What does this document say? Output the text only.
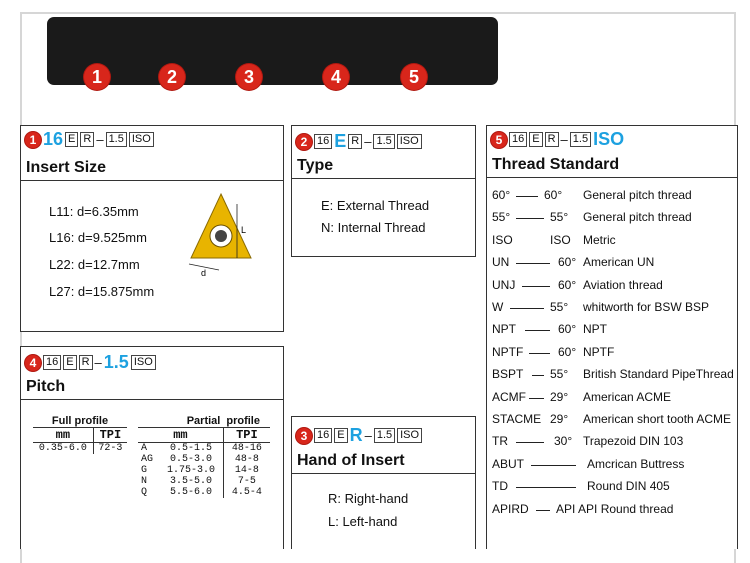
1	2	3	4	5
1 16 E R – 1.5 ISO
Insert Size
L11: d=6.35mm
L16: d=9.525mm
L22: d=12.7mm
L27: d=15.875mm
L
d
2 16 E R – 1.5 ISO
Type
E: External Thread
N: Internal Thread
3 16 E R – 1.5 ISO
Hand of Insert
R: Right-hand
L: Left-hand
4 16 E R – 1.5 ISO
Pitch
Full profile	
mm	TPI
0.35-6.0	72-3
Partial		profile
mm		TPI
A	0.5-1.5	48-16
AG	0.5-3.0	48-8
G	1.75-3.0	14-8
N	3.5-5.0	7-5
Q	5.5-6.0	4.5-4
5 16 E R – 1.5 ISO
Thread Standard
60°	60° General pitch thread
55°	55° General pitch thread
ISO	ISO Metric
UN	60° American UN
UNJ	60° Aviation thread
W	55° whitworth for BSW BSP
NPT	60° NPT
NPTF	60° NPTF
BSPT 55° British Standard PipeThread
ACMF 29° American ACME
STACME 29° American short tooth ACME
TR	30° Trapezoid DIN 103
ABUT	Amcrican Buttress
TD	Round DIN 405
APIRD API API Round thread
